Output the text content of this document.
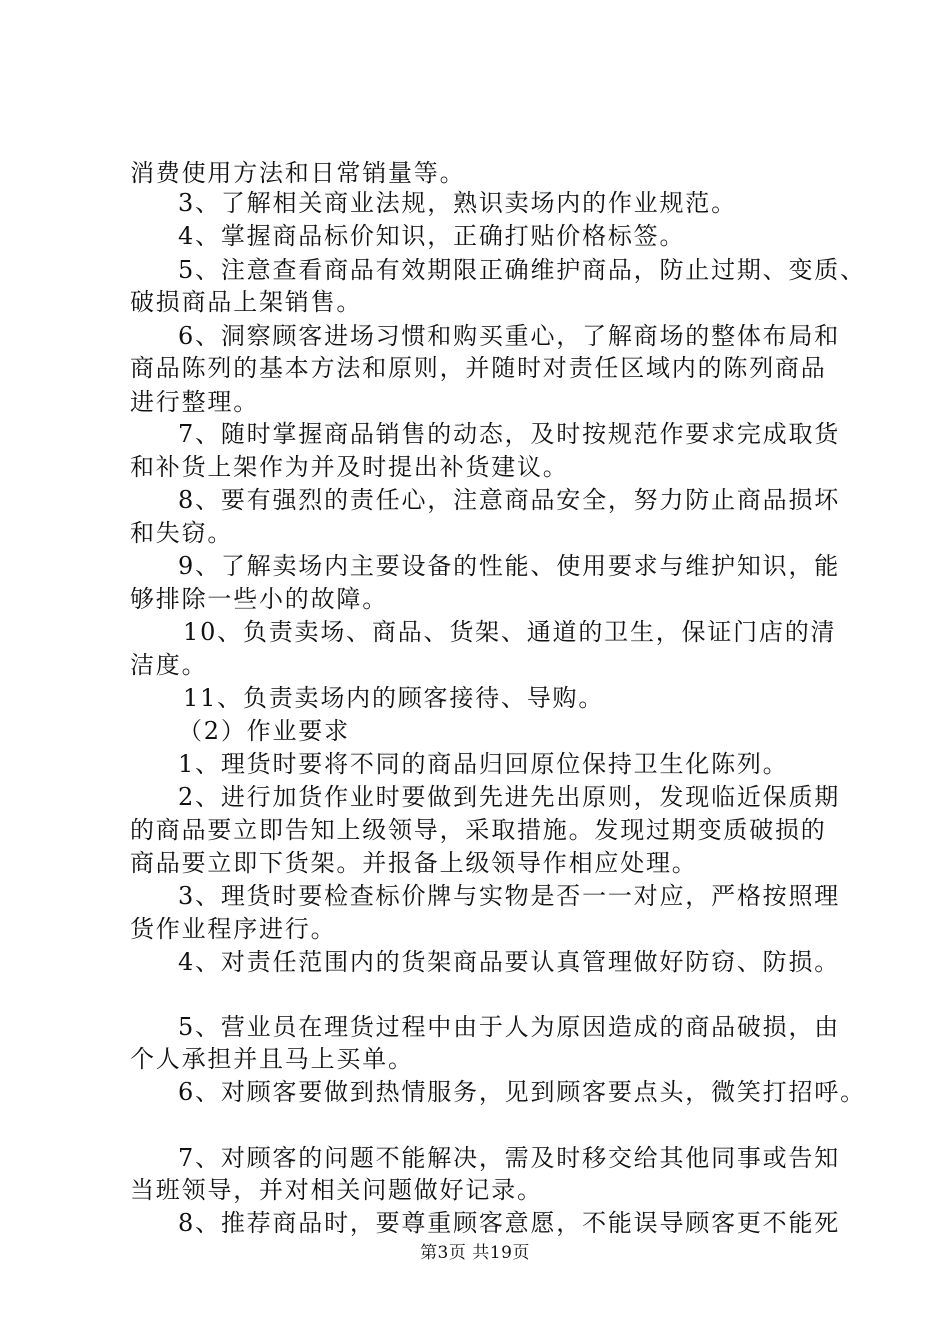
消费使用方法和日常销量等。
3、了解相关商业法规，熟识卖场内的作业规范。
4、掌握商品标价知识，正确打贴价格标签。
5、注意查看商品有效期限正确维护商品，防止过期、变质、
破损商品上架销售。
6、洞察顾客进场习惯和购买重心，了解商场的整体布局和
商品陈列的基本方法和原则，并随时对责任区域内的陈列商品
进行整理。
7、随时掌握商品销售的动态，及时按规范作要求完成取货
和补货上架作为并及时提出补货建议。
8、要有强烈的责任心，注意商品安全，努力防止商品损坏
和失窃。
9、了解卖场内主要设备的性能、使用要求与维护知识，能
够排除一些小的故障。
10、负责卖场、商品、货架、通道的卫生，保证门店的清
洁度。
11、负责卖场内的顾客接待、导购。
（2）作业要求
1、理货时要将不同的商品归回原位保持卫生化陈列。
2、进行加货作业时要做到先进先出原则，发现临近保质期
的商品要立即告知上级领导，采取措施。发现过期变质破损的
商品要立即下货架。并报备上级领导作相应处理。
3、理货时要检查标价牌与实物是否一一对应，严格按照理
货作业程序进行。
4、对责任范围内的货架商品要认真管理做好防窃、防损。
5、营业员在理货过程中由于人为原因造成的商品破损，由
个人承担并且马上买单。
6、对顾客要做到热情服务，见到顾客要点头，微笑打招呼。
7、对顾客的问题不能解决，需及时移交给其他同事或告知
当班领导，并对相关问题做好记录。
8、推荐商品时，要尊重顾客意愿，不能误导顾客更不能死
第3页 共19页
